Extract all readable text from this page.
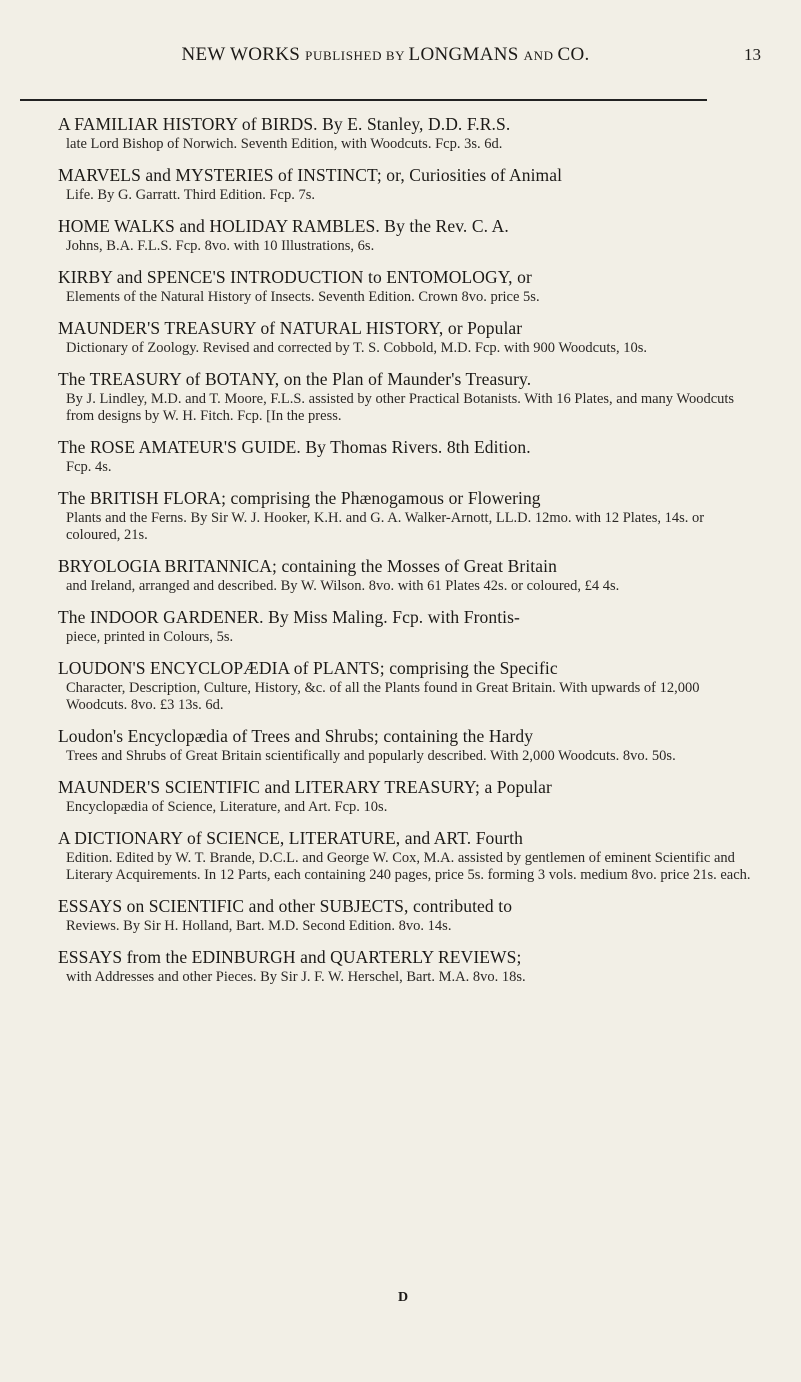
NEW WORKS PUBLISHED BY LONGMANS AND CO.	13
A FAMILIAR HISTORY of BIRDS. By E. Stanley, D.D. F.R.S.
late Lord Bishop of Norwich. Seventh Edition, with Woodcuts. Fcp. 3s. 6d.
MARVELS and MYSTERIES of INSTINCT; or, Curiosities of Animal
Life. By G. Garratt. Third Edition. Fcp. 7s.
HOME WALKS and HOLIDAY RAMBLES. By the Rev. C. A.
Johns, B.A. F.L.S. Fcp. 8vo. with 10 Illustrations, 6s.
KIRBY and SPENCE'S INTRODUCTION to ENTOMOLOGY, or
Elements of the Natural History of Insects. Seventh Edition. Crown 8vo. price 5s.
MAUNDER'S TREASURY of NATURAL HISTORY, or Popular
Dictionary of Zoology. Revised and corrected by T. S. Cobbold, M.D. Fcp. with 900 Woodcuts, 10s.
The TREASURY of BOTANY, on the Plan of Maunder's Treasury.
By J. Lindley, M.D. and T. Moore, F.L.S. assisted by other Practical Botanists. With 16 Plates, and many Woodcuts from designs by W. H. Fitch. Fcp. [In the press.
The ROSE AMATEUR'S GUIDE. By Thomas Rivers. 8th Edition.
Fcp. 4s.
The BRITISH FLORA; comprising the Phænogamous or Flowering
Plants and the Ferns. By Sir W. J. Hooker, K.H. and G. A. Walker-Arnott, LL.D. 12mo. with 12 Plates, 14s. or coloured, 21s.
BRYOLOGIA BRITANNICA; containing the Mosses of Great Britain
and Ireland, arranged and described. By W. Wilson. 8vo. with 61 Plates 42s. or coloured, £4 4s.
The INDOOR GARDENER. By Miss Maling. Fcp. with Frontis-
piece, printed in Colours, 5s.
LOUDON'S ENCYCLOPÆDIA of PLANTS; comprising the Specific
Character, Description, Culture, History, &c. of all the Plants found in Great Britain. With upwards of 12,000 Woodcuts. 8vo. £3 13s. 6d.
Loudon's Encyclopædia of Trees and Shrubs; containing the Hardy
Trees and Shrubs of Great Britain scientifically and popularly described. With 2,000 Woodcuts. 8vo. 50s.
MAUNDER'S SCIENTIFIC and LITERARY TREASURY; a Popular
Encyclopædia of Science, Literature, and Art. Fcp. 10s.
A DICTIONARY of SCIENCE, LITERATURE, and ART. Fourth
Edition. Edited by W. T. Brande, D.C.L. and George W. Cox, M.A. assisted by gentlemen of eminent Scientific and Literary Acquirements. In 12 Parts, each containing 240 pages, price 5s. forming 3 vols. medium 8vo. price 21s. each.
ESSAYS on SCIENTIFIC and other SUBJECTS, contributed to
Reviews. By Sir H. Holland, Bart. M.D. Second Edition. 8vo. 14s.
ESSAYS from the EDINBURGH and QUARTERLY REVIEWS;
with Addresses and other Pieces. By Sir J. F. W. Herschel, Bart. M.A. 8vo. 18s.
D
